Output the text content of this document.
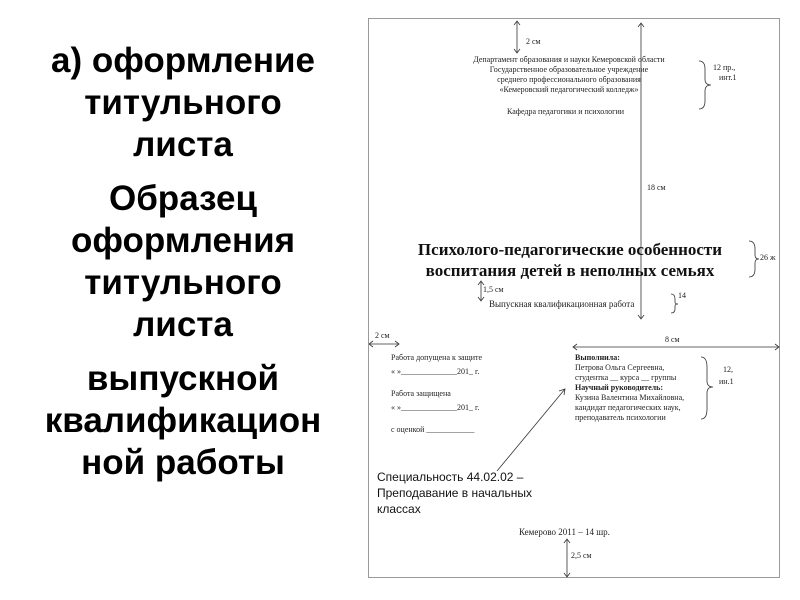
а) оформление

титульного

листа

Образец

оформления

титульного

листа

выпускной

квалификацион

ной работы

2 см
Департамент образования и науки Кемеровской области
Государственное образовательное учреждение
среднего профессионального образования
«Кемеровский педагогический колледж»
12 пр.,
инт.1
Кафедра педагогики и психологии
18 см
Психолого-педагогические особенности
воспитания детей в неполных семьях
26 ж
1,5 см
Выпускная квалификационная работа
14
2 см	8 см
Работа допущена к защите
« »______________201_ г.
Работа защищена
« »______________201_ г.
с оценкой ____________
Выполнила:
Петрова Ольга Сергеевна,
студентка __ курса __ группы
Научный руководитель:
Кузина Валентина Михайловна,
кандидат педагогических наук,
преподаватель психологии
12,
ин.1
Специальность 44.02.02 –
Преподавание в начальных
классах
Кемерово 2011 – 14 шр.
2,5 см
